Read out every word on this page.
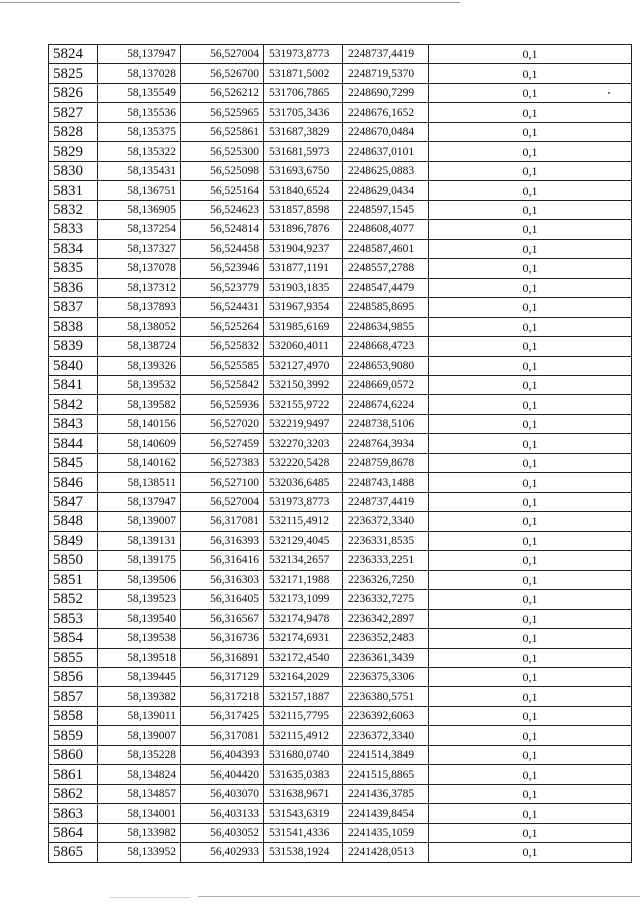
5824	58,137947	56,527004	531973,8773	2248737,4419	0,1
5825	58,137028	56,526700	531871,5002	2248719,5370	0,1
5826	58,135549	56,526212	531706,7865	2248690,7299	0,1
5827	58,135536	56,525965	531705,3436	2248676,1652	0,1
5828	58,135375	56,525861	531687,3829	2248670,0484	0,1
5829	58,135322	56,525300	531681,5973	2248637,0101	0,1
5830	58,135431	56,525098	531693,6750	2248625,0883	0,1
5831	58,136751	56,525164	531840,6524	2248629,0434	0,1
5832	58,136905	56,524623	531857,8598	2248597,1545	0,1
5833	58,137254	56,524814	531896,7876	2248608,4077	0,1
5834	58,137327	56,524458	531904,9237	2248587,4601	0,1
5835	58,137078	56,523946	531877,1191	2248557,2788	0,1
5836	58,137312	56,523779	531903,1835	2248547,4479	0,1
5837	58,137893	56,524431	531967,9354	2248585,8695	0,1
5838	58,138052	56,525264	531985,6169	2248634,9855	0,1
5839	58,138724	56,525832	532060,4011	2248668,4723	0,1
5840	58,139326	56,525585	532127,4970	2248653,9080	0,1
5841	58,139532	56,525842	532150,3992	2248669,0572	0,1
5842	58,139582	56,525936	532155,9722	2248674,6224	0,1
5843	58,140156	56,527020	532219,9497	2248738,5106	0,1
5844	58,140609	56,527459	532270,3203	2248764,3934	0,1
5845	58,140162	56,527383	532220,5428	2248759,8678	0,1
5846	58,138511	56,527100	532036,6485	2248743,1488	0,1
5847	58,137947	56,527004	531973,8773	2248737,4419	0,1
5848	58,139007	56,317081	532115,4912	2236372,3340	0,1
5849	58,139131	56,316393	532129,4045	2236331,8535	0,1
5850	58,139175	56,316416	532134,2657	2236333,2251	0,1
5851	58,139506	56,316303	532171,1988	2236326,7250	0,1
5852	58,139523	56,316405	532173,1099	2236332,7275	0,1
5853	58,139540	56,316567	532174,9478	2236342,2897	0,1
5854	58,139538	56,316736	532174,6931	2236352,2483	0,1
5855	58,139518	56,316891	532172,4540	2236361,3439	0,1
5856	58,139445	56,317129	532164,2029	2236375,3306	0,1
5857	58,139382	56,317218	532157,1887	2236380,5751	0,1
5858	58,139011	56,317425	532115,7795	2236392,6063	0,1
5859	58,139007	56,317081	532115,4912	2236372,3340	0,1
5860	58,135228	56,404393	531680,0740	2241514,3849	0,1
5861	58,134824	56,404420	531635,0383	2241515,8865	0,1
5862	58,134857	56,403070	531638,9671	2241436,3785	0,1
5863	58,134001	56,403133	531543,6319	2241439,8454	0,1
5864	58,133982	56,403052	531541,4336	2241435,1059	0,1
5865	58,133952	56,402933	531538,1924	2241428,0513	0,1
